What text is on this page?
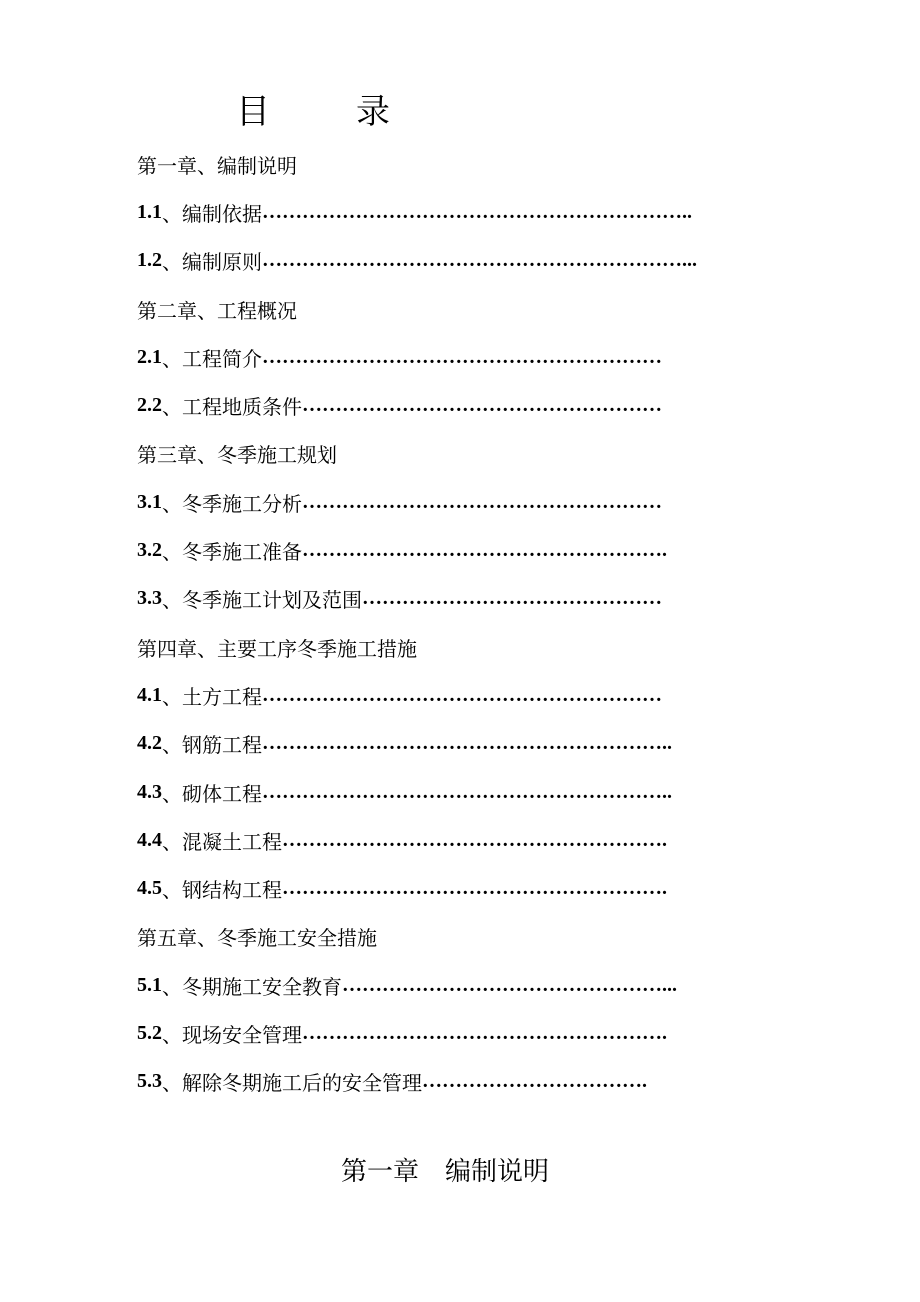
目　录
第一章、编制说明
1.1 、 编制依据 ………………………………………………………..
1.2 、 编制原则 ………………………………………………………...
第二章、工程概况
2.1 、 工程简介 ……………………………………………………
2.2 、 工程地质条件 ………………………………………………
第三章、冬季施工规划
3.1 、 冬季施工分析 ………………………………………………
3.2 、 冬季施工准备 ……………………………………………….
3.3 、 冬季施工计划及范围 ………………………………………
第四章、主要工序冬季施工措施
4.1 、 土方工程 ……………………………………………………
4.2 、 钢筋工程 ……………………………………………………..
4.3 、 砌体工程 ……………………………………………………..
4.4 、 混凝土工程 ………………………………………………….
4.5 、 钢结构工程 ………………………………………………….
第五章、冬季施工安全措施
5.1 、 冬期施工安全教育 …………………………………………...
5.2 、 现场安全管理 ……………………………………………….
5.3 、 解除冬期施工后的安全管理 …………………………….
第一章　编制说明
